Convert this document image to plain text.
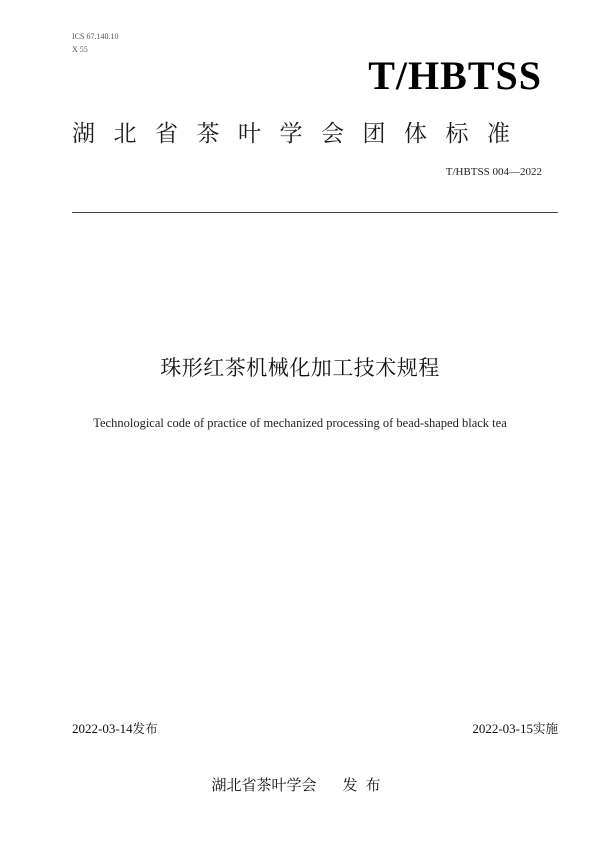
ICS 67.140.10
X 55
T/HBTSS
湖北省茶叶学会团体标准
T/HBTSS 004—2022
珠形红茶机械化加工技术规程
Technological code of practice of mechanized processing of bead-shaped black tea
2022-03-14发布	2022-03-15实施
湖北省茶叶学会 发布
